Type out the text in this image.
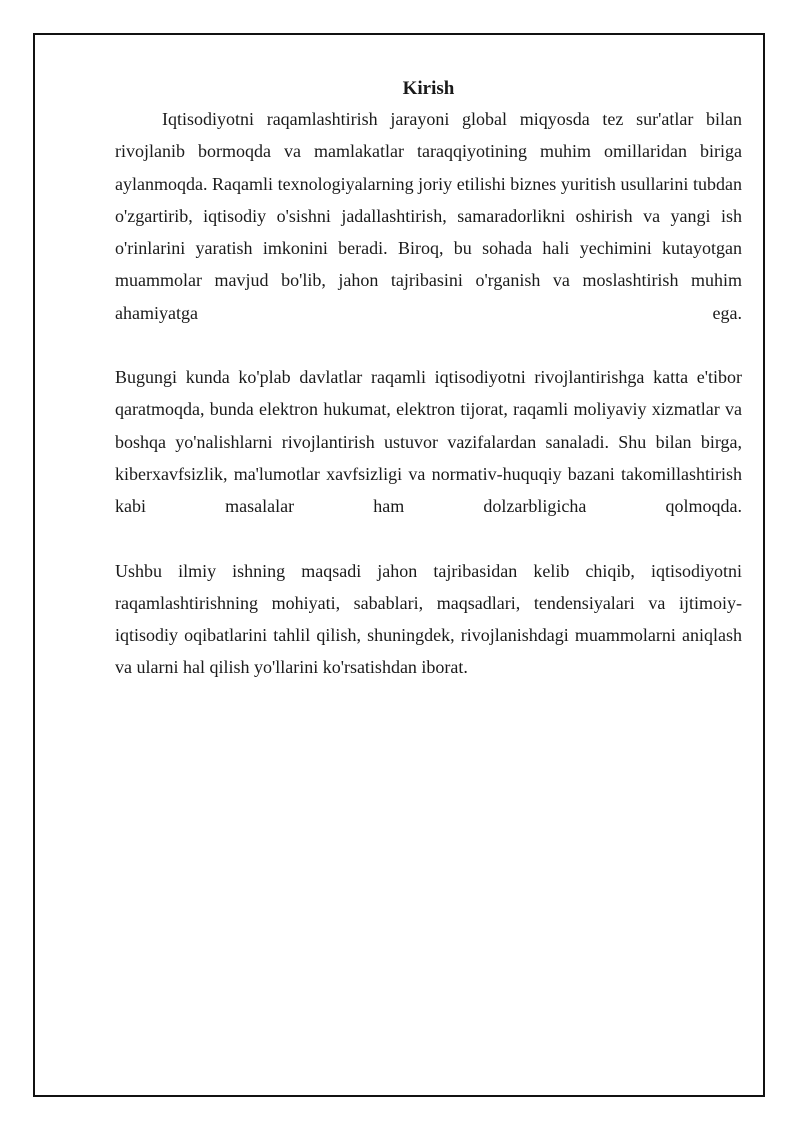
Kirish

Iqtisodiyotni raqamlashtirish jarayoni global miqyosda tez sur'atlar bilan rivojlanib bormoqda va mamlakatlar taraqqiyotining muhim omillaridan biriga aylanmoqda. Raqamli texnologiyalarning joriy etilishi biznes yuritish usullarini tubdan o'zgartirib, iqtisodiy o'sishni jadallashtirish, samaradorlikni oshirish va yangi ish o'rinlarini yaratish imkonini beradi. Biroq, bu sohada hali yechimini kutayotgan muammolar mavjud bo'lib, jahon tajribasini o'rganish va moslashtirish muhim ahamiyatga ega.

Bugungi kunda ko'plab davlatlar raqamli iqtisodiyotni rivojlantirishga katta e'tibor qaratmoqda, bunda elektron hukumat, elektron tijorat, raqamli moliyaviy xizmatlar va boshqa yo'nalishlarni rivojlantirish ustuvor vazifalardan sanaladi. Shu bilan birga, kiberxavfsizlik, ma'lumotlar xavfsizligi va normativ-huquqiy bazani takomillashtirish kabi masalalar ham dolzarbligicha qolmoqda.

Ushbu ilmiy ishning maqsadi jahon tajribasidan kelib chiqib, iqtisodiyotni raqamlashtirishning mohiyati, sabablari, maqsadlari, tendensiyalari va ijtimoiy-iqtisodiy oqibatlarini tahlil qilish, shuningdek, rivojlanishdagi muammolarni aniqlash va ularni hal qilish yo'llarini ko'rsatishdan iborat.
